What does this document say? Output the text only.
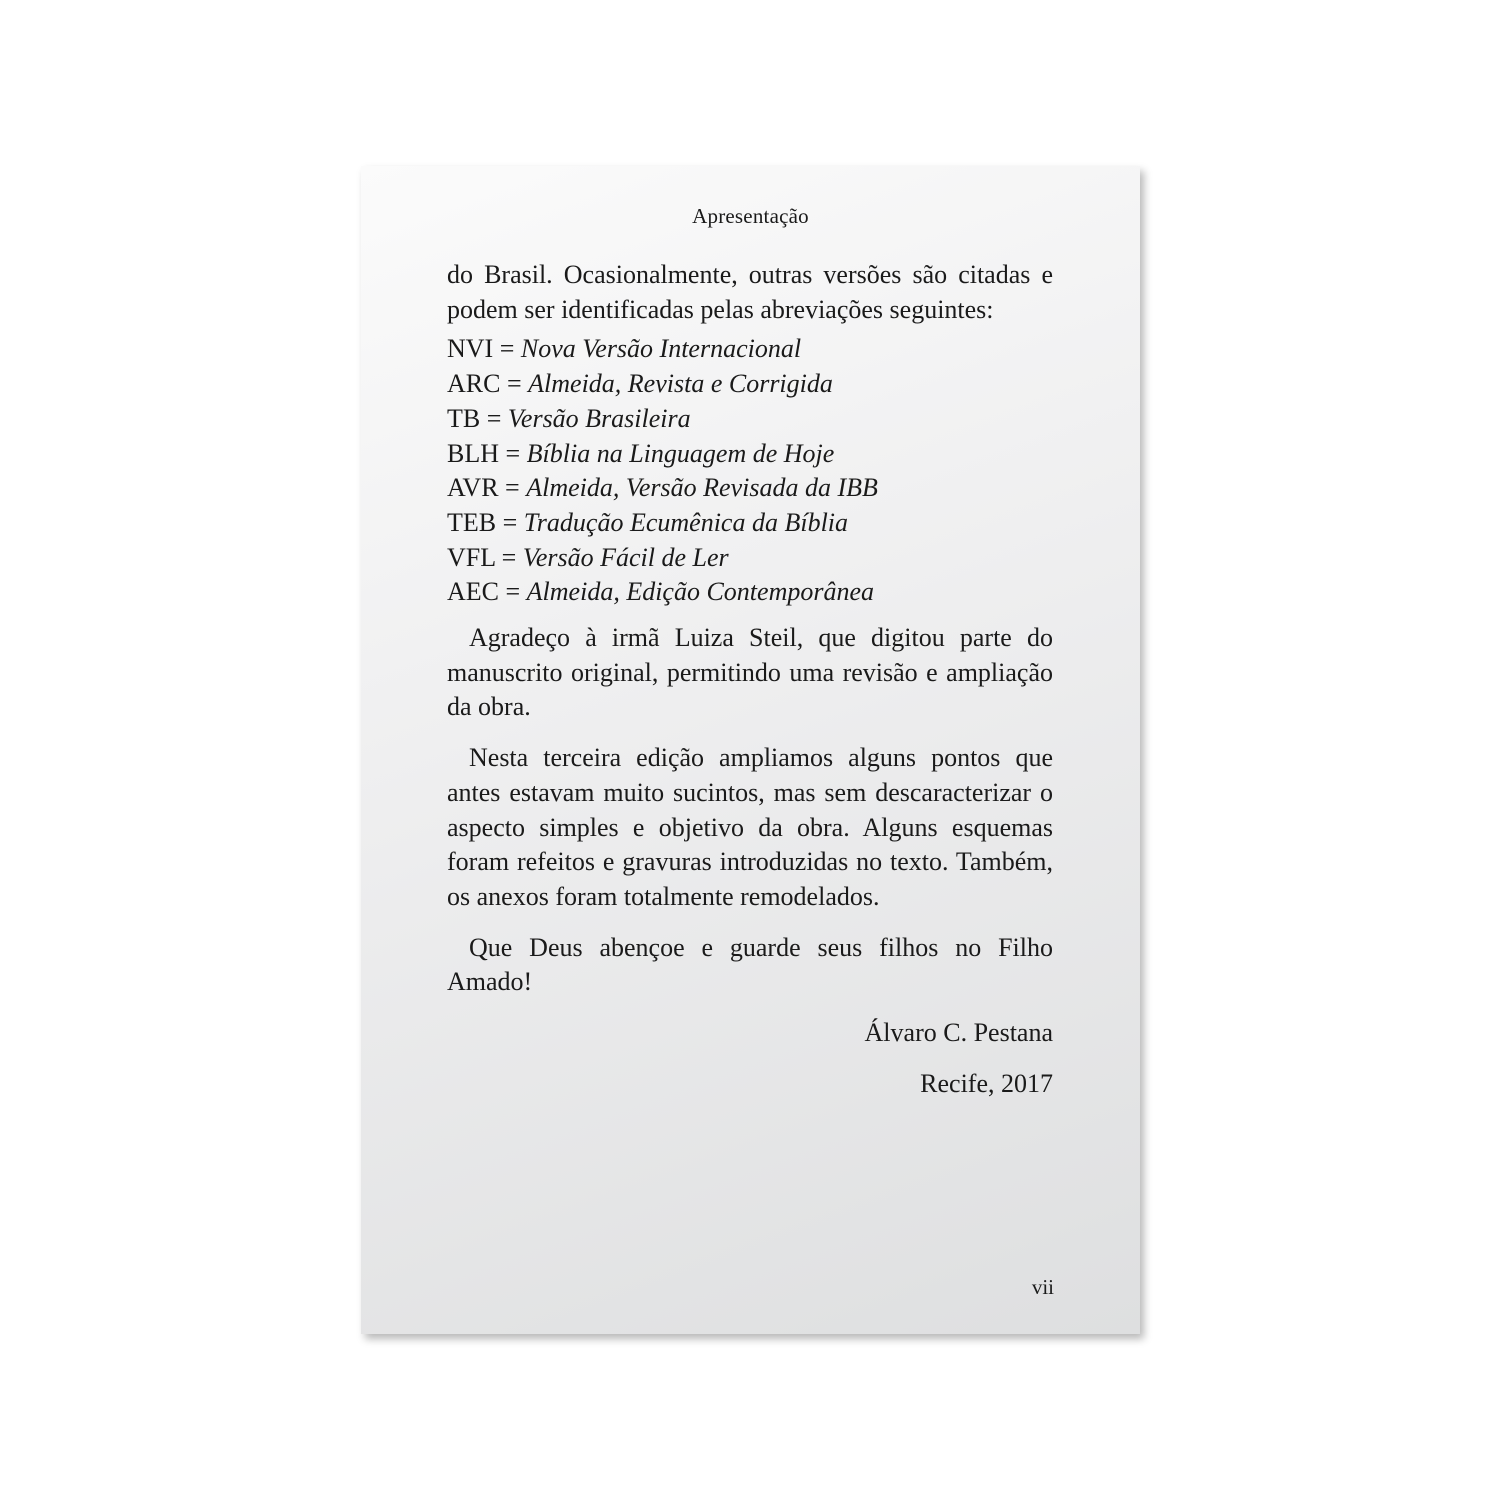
Apresentação

do Brasil. Ocasionalmente, outras versões são citadas e podem ser identificadas pelas abreviações seguintes:

NVI = Nova Versão Internacional
ARC = Almeida, Revista e Corrigida
TB = Versão Brasileira
BLH = Bíblia na Linguagem de Hoje
AVR = Almeida, Versão Revisada da IBB
TEB = Tradução Ecumênica da Bíblia
VFL = Versão Fácil de Ler
AEC = Almeida, Edição Contemporânea

Agradeço à irmã Luiza Steil, que digitou parte do manuscrito original, permitindo uma revisão e ampliação da obra.

Nesta terceira edição ampliamos alguns pontos que antes estavam muito sucintos, mas sem descaracterizar o aspecto simples e objetivo da obra. Alguns esquemas foram refeitos e gravuras introduzidas no texto. Também, os anexos foram totalmente remodelados.

Que Deus abençoe e guarde seus filhos no Filho Amado!

Álvaro C. Pestana

Recife, 2017

vii
